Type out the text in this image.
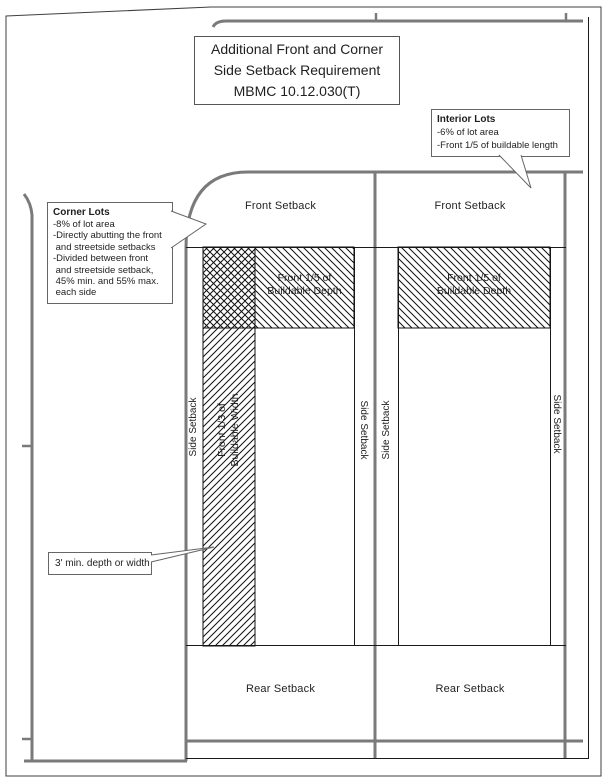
Front Setback	Front Setback
Rear Setback	Rear Setback
Side Setback	Side Setback Side Setback	Side Setback
Front 1/5 of
Buildable Depth
Front 1/5 of
Buildable Depth
Front 1/3 of Buildable Width
Additional Front and Corner
Side Setback Requirement
MBMC 10.12.030(T)
Interior Lots
-6% of lot area
-Front 1/5 of buildable length
Corner Lots
-8% of lot area
-Directly abutting the front
and streetside setbacks
-Divided between front
and streetside setback,
45% min. and 55% max.
each side
3' min. depth or width
